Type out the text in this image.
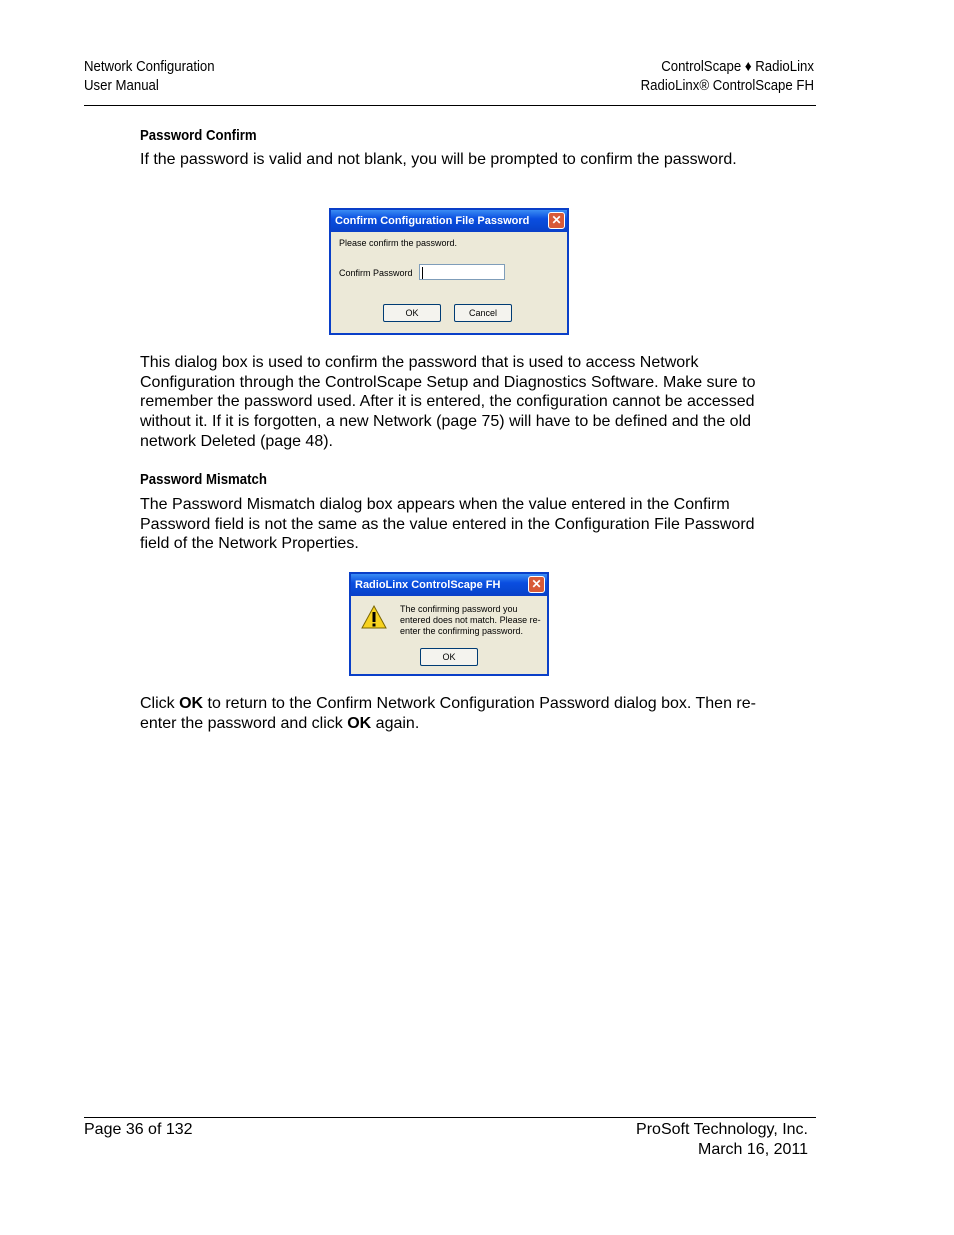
Network Configuration
User Manual
ControlScape ♦ RadioLinx
RadioLinx® ControlScape FH
Password Confirm
If the password is valid and not blank, you will be prompted to confirm the password.
Confirm Configuration File Password ✕
Please confirm the password.
Confirm Password
OK	Cancel
This dialog box is used to confirm the password that is used to access Network Configuration through the ControlScape Setup and Diagnostics Software. Make sure to remember the password used. After it is entered, the configuration cannot be accessed without it. If it is forgotten, a new Network (page 75) will have to be defined and the old network Deleted (page 48).
Password Mismatch
The Password Mismatch dialog box appears when the value entered in the Confirm Password field is not the same as the value entered in the Configuration File Password field of the Network Properties.
RadioLinx ControlScape FH	✕
The confirming password you entered does not match. Please re-enter the confirming password.
OK
Click OK to return to the Confirm Network Configuration Password dialog box. Then re-enter the password and click OK again.
Page 36 of 132	ProSoft Technology, Inc.
March 16, 2011
